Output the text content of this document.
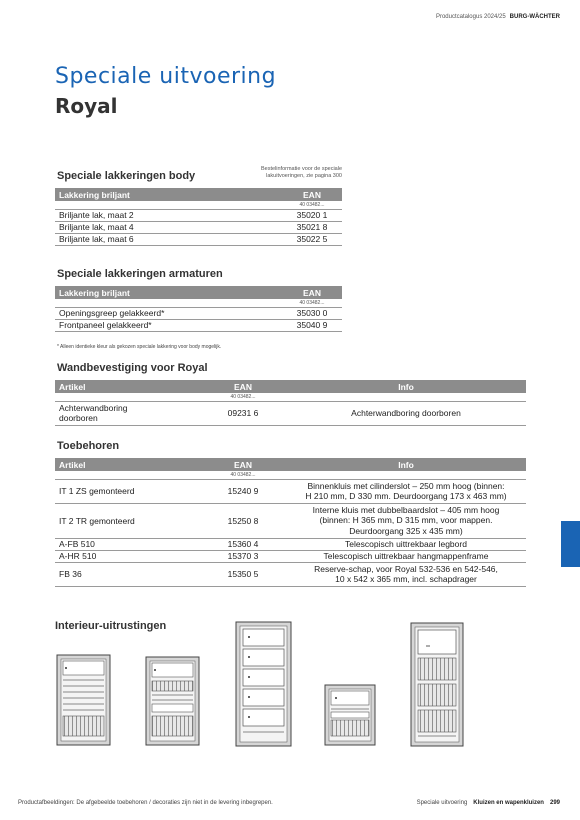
Productcatalogus 2024/25 BURG-WÄCHTER
Speciale uitvoering
Royal
Speciale lakkeringen body
Bestelinformatie voor de speciale lakuitvoeringen, zie pagina 300
Lakkering briljant	EAN
	40 03482...
Briljante lak, maat 2	35020 1
Briljante lak, maat 4	35021 8
Briljante lak, maat 6	35022 5
Speciale lakkeringen armaturen
Lakkering briljant	EAN
	40 03482...
Openingsgreep gelakkeerd*	35030 0
Frontpaneel gelakkeerd*	35040 9
* Alleen identieke kleur als gekozen speciale lakkering voor body mogelijk.
Wandbevestiging voor Royal
Artikel	EAN	Info
	40 03482...	

Achterwandboring
doorboren	09231 6	Achterwandboring doorboren
Toebehoren
Artikel	EAN	Info
	40 03482...	
IT 1 ZS gemonteerd	15240 9	Binnenkluis met cilinderslot – 250 mm hoog (binnen:
H 210 mm, D 330 mm. Deurdoorgang 173 x 463 mm)

IT 2 TR gemonteerd	15250 8	Interne kluis met dubbelbaardslot – 405 mm hoog
(binnen: H 365 mm, D 315 mm, voor mappen.
Deurdoorgang 325 x 435 mm)

A-FB 510	15360 4	Telescopisch uittrekbaar legbord
A-HR 510	15370 3	Telescopisch uittrekbaar hangmappenframe
FB 36	15350 5	Reserve-schap, voor Royal 532-536 en 542-546,
10 x 542 x 365 mm, incl. schapdrager
Interieur-uitrustingen
Productafbeeldingen: De afgebeelde toebehoren / decoraties zijn niet in de levering inbegrepen.	Speciale uitvoering Kluizen en wapenkluizen 299
